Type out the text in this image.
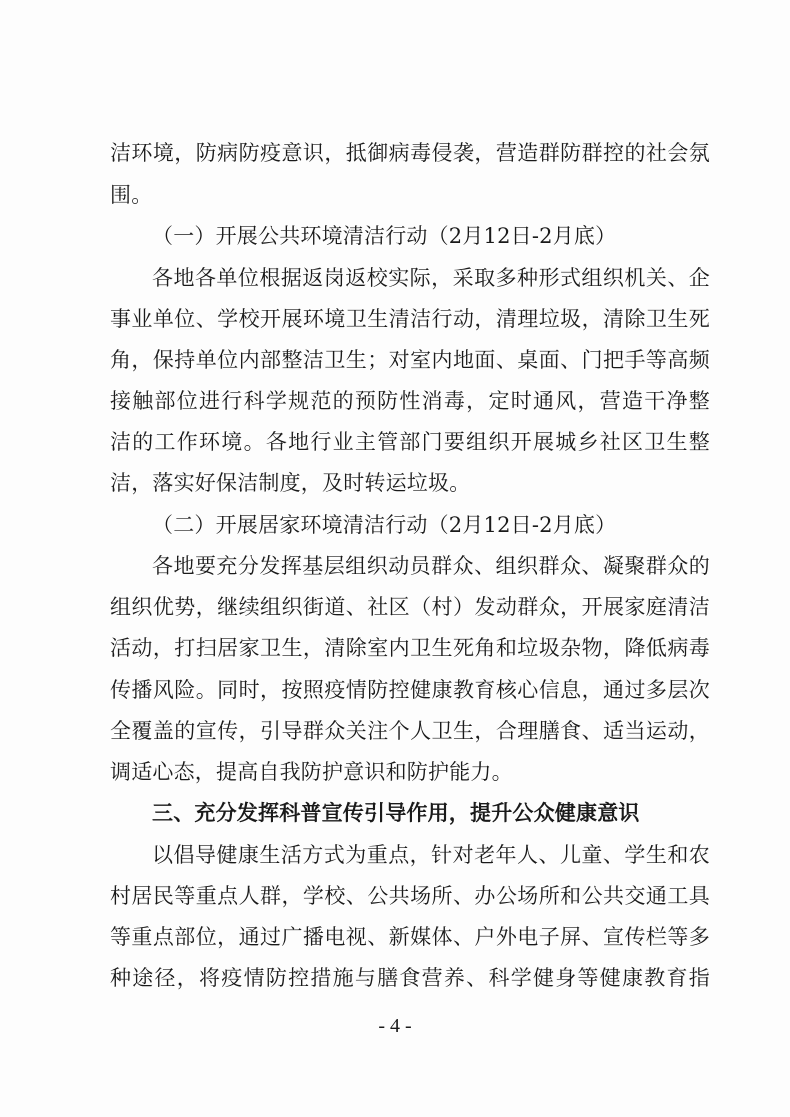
洁环境，防病防疫意识，抵御病毒侵袭，营造群防群控的社会氛
围。
（一）开展公共环境清洁行动（2月12日-2月底）
各地各单位根据返岗返校实际，采取多种形式组织机关、企
事业单位、学校开展环境卫生清洁行动，清理垃圾，清除卫生死
角，保持单位内部整洁卫生；对室内地面、桌面、门把手等高频
接触部位进行科学规范的预防性消毒，定时通风，营造干净整
洁的工作环境。各地行业主管部门要组织开展城乡社区卫生整
洁，落实好保洁制度，及时转运垃圾。
（二）开展居家环境清洁行动（2月12日-2月底）
各地要充分发挥基层组织动员群众、组织群众、凝聚群众的
组织优势，继续组织街道、社区（村）发动群众，开展家庭清洁
活动，打扫居家卫生，清除室内卫生死角和垃圾杂物，降低病毒
传播风险。同时，按照疫情防控健康教育核心信息，通过多层次
全覆盖的宣传，引导群众关注个人卫生，合理膳食、适当运动，
调适心态，提高自我防护意识和防护能力。
三、充分发挥科普宣传引导作用，提升公众健康意识
以倡导健康生活方式为重点，针对老年人、儿童、学生和农
村居民等重点人群，学校、公共场所、办公场所和公共交通工具
等重点部位，通过广播电视、新媒体、户外电子屏、宣传栏等多
种途径，将疫情防控措施与膳食营养、科学健身等健康教育指
- 4 -
